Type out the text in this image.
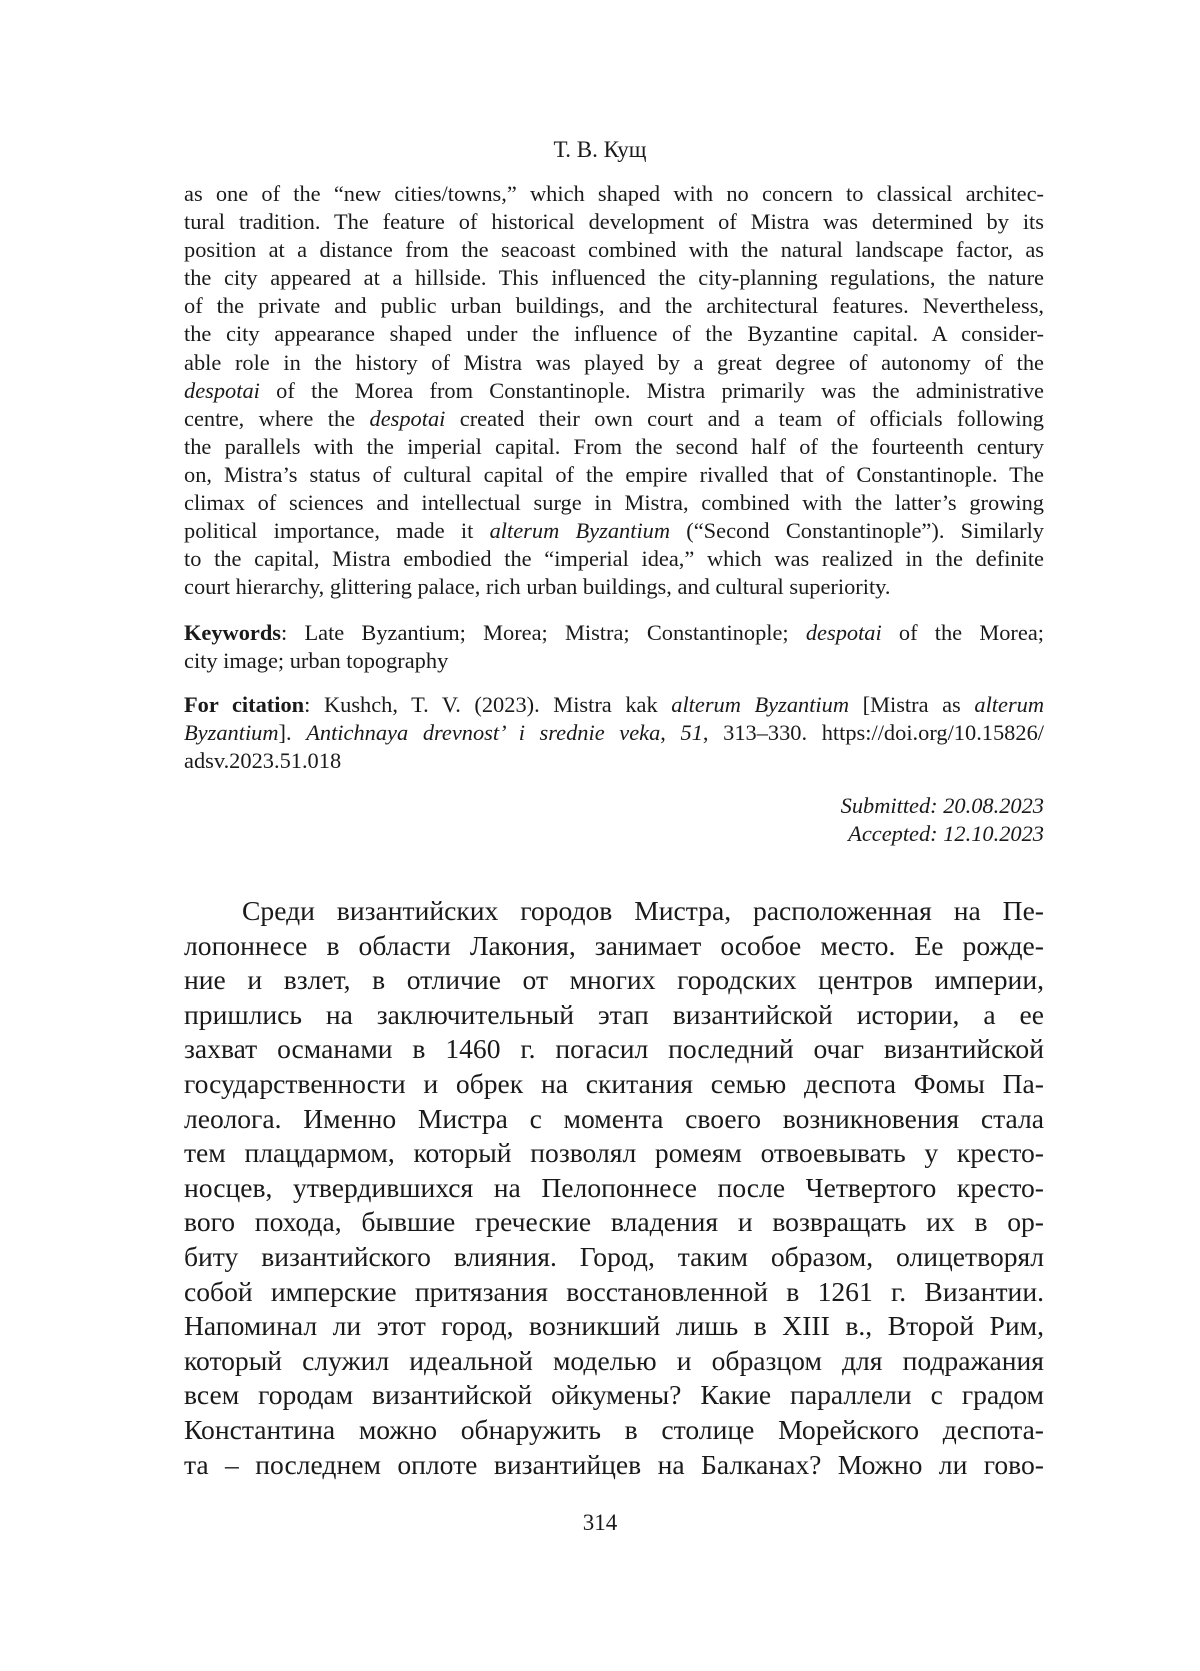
Т. В. Кущ
as one of the “new cities/towns,” which shaped with no concern to classical architec-
tural tradition. The feature of historical development of Mistra was determined by its
position at a distance from the seacoast combined with the natural landscape factor, as
the city appeared at a hillside. This influenced the city-planning regulations, the nature
of the private and public urban buildings, and the architectural features. Nevertheless,
the city appearance shaped under the influence of the Byzantine capital. A consider-
able role in the history of Mistra was played by a great degree of autonomy of the
despotai of the Morea from Constantinople. Mistra primarily was the administrative
centre, where the despotai created their own court and a team of officials following
the parallels with the imperial capital. From the second half of the fourteenth century
on, Mistra’s status of cultural capital of the empire rivalled that of Constantinople. The
climax of sciences and intellectual surge in Mistra, combined with the latter’s growing
political importance, made it alterum Byzantium (“Second Constantinople”). Similarly
to the capital, Mistra embodied the “imperial idea,” which was realized in the definite
court hierarchy, glittering palace, rich urban buildings, and cultural superiority.
Keywords: Late Byzantium; Morea; Mistra; Constantinople; despotai of the Morea;
city image; urban topography
For citation: Kushch, T. V. (2023). Mistra kak alterum Byzantium [Mistra as alterum
Byzantium]. Antichnaya drevnost’ i srednie veka, 51, 313–330. https://doi.org/10.15826/
adsv.2023.51.018
Submitted: 20.08.2023
Accepted: 12.10.2023
Среди византийских городов Мистра, расположенная на Пе-
лопоннесе в области Лакония, занимает особое место. Ее рожде-
ние и взлет, в отличие от многих городских центров империи,
пришлись на заключительный этап византийской истории, а ее
захват османами в 1460 г. погасил последний очаг византийской
государственности и обрек на скитания семью деспота Фомы Па-
леолога. Именно Мистра с момента своего возникновения стала
тем плацдармом, который позволял ромеям отвоевывать у кресто-
носцев, утвердившихся на Пелопоннесе после Четвертого кресто-
вого похода, бывшие греческие владения и возвращать их в ор-
биту византийского влияния. Город, таким образом, олицетворял
собой имперские притязания восстановленной в 1261 г. Византии.
Напоминал ли этот город, возникший лишь в XIII в., Второй Рим,
который служил идеальной моделью и образцом для подражания
всем городам византийской ойкумены? Какие параллели с градом
Константина можно обнаружить в столице Морейского деспота-
та – последнем оплоте византийцев на Балканах? Можно ли гово-
314
